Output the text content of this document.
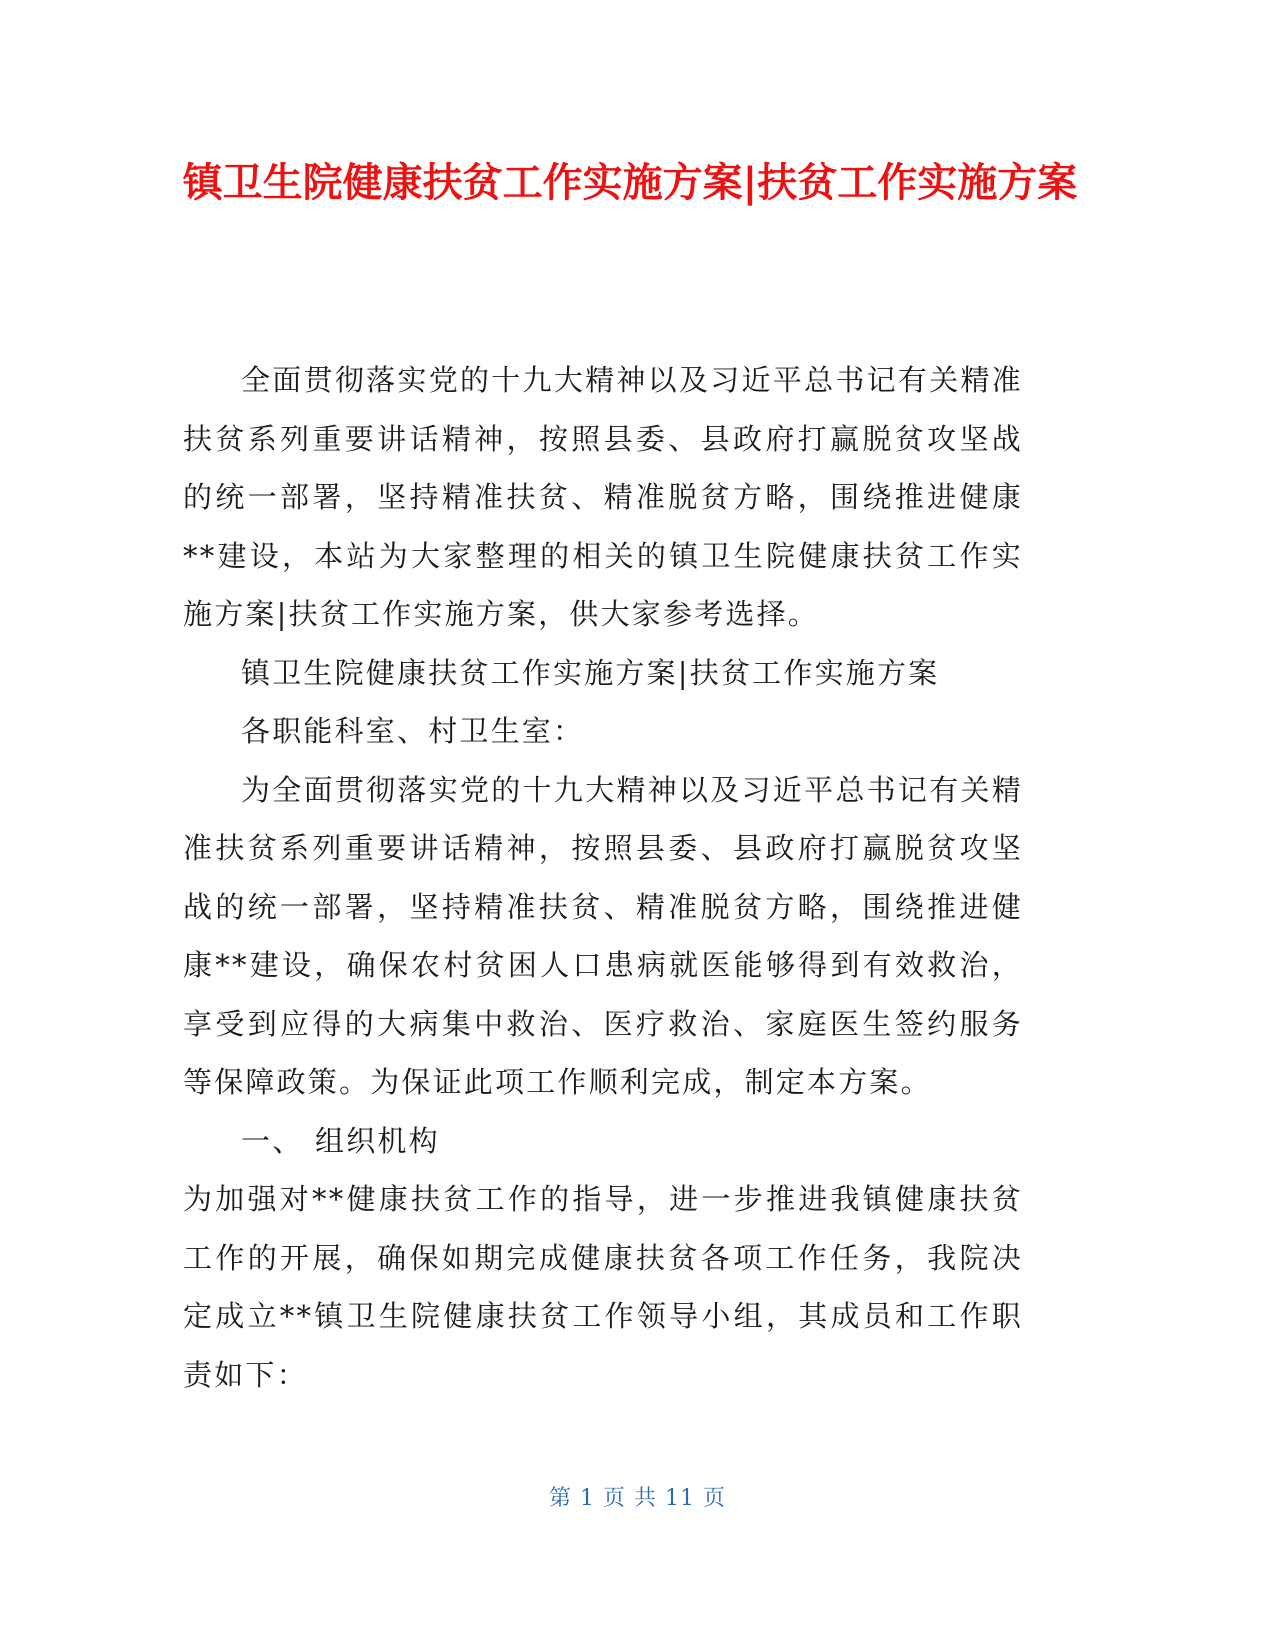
镇卫生院健康扶贫工作实施方案|扶贫工作实施方案

全面贯彻落实党的十九大精神以及习近平总书记有关精准扶贫系列重要讲话精神，按照县委、县政府打赢脱贫攻坚战的统一部署，坚持精准扶贫、精准脱贫方略，围绕推进健康**建设，本站为大家整理的相关的镇卫生院健康扶贫工作实施方案|扶贫工作实施方案，供大家参考选择。

镇卫生院健康扶贫工作实施方案|扶贫工作实施方案

各职能科室、村卫生室：

为全面贯彻落实党的十九大精神以及习近平总书记有关精准扶贫系列重要讲话精神，按照县委、县政府打赢脱贫攻坚战的统一部署，坚持精准扶贫、精准脱贫方略，围绕推进健康**建设，确保农村贫困人口患病就医能够得到有效救治，享受到应得的大病集中救治、医疗救治、家庭医生签约服务等保障政策。为保证此项工作顺利完成，制定本方案。

一、 组织机构

为加强对**健康扶贫工作的指导，进一步推进我镇健康扶贫工作的开展，确保如期完成健康扶贫各项工作任务，我院决定成立**镇卫生院健康扶贫工作领导小组，其成员和工作职责如下：

第 1 页 共 11 页
